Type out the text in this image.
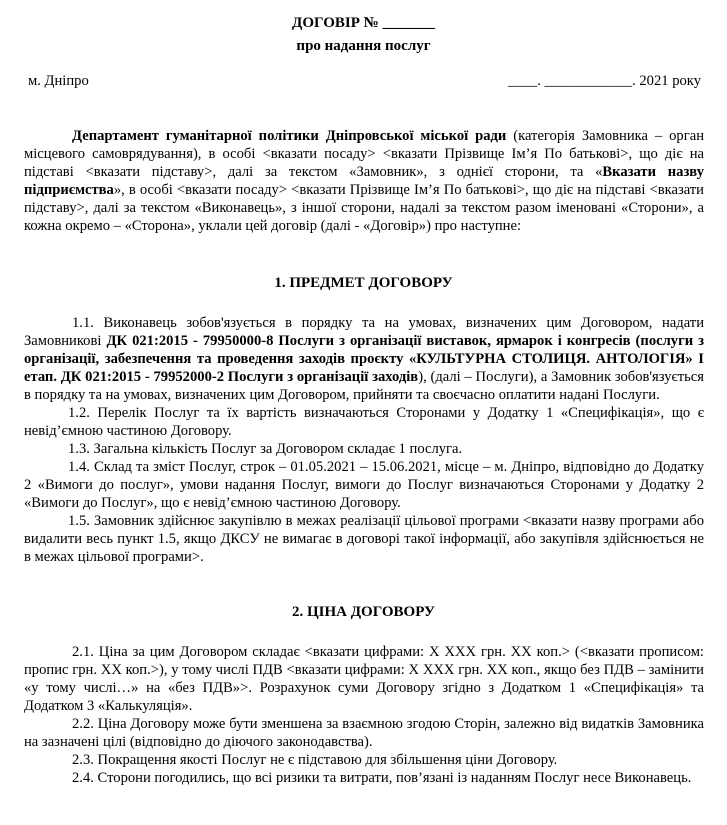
ДОГОВІР № _______
про надання послуг
м. Дніпро	____. ____________. 2021 року

Департамент гуманітарної політики Дніпровської міської ради (категорія Замовника – орган місцевого самоврядування), в особі <вказати посаду> <вказати Прізвище Ім’я По батькові>, що діє на підставі <вказати підставу>, далі за текстом «Замовник», з однієї сторони, та «Вказати назву підприємства», в особі <вказати посаду> <вказати Прізвище Ім’я По батькові>, що діє на підставі <вказати підставу>, далі за текстом «Виконавець», з іншої сторони, надалі за текстом разом іменовані «Сторони», а кожна окремо – «Сторона», уклали цей договір (далі - «Договір») про наступне:

1. ПРЕДМЕТ ДОГОВОРУ

1.1. Виконавець зобов'язується в порядку та на умовах, визначених цим Договором, надати Замовникові ДК 021:2015 - 79950000-8 Послуги з організації виставок, ярмарок і конгресів (послуги з організації, забезпечення та проведення заходів проєкту «КУЛЬТУРНА СТОЛИЦЯ. АНТОЛОГІЯ» І етап. ДК 021:2015 - 79952000-2 Послуги з організації заходів), (далі – Послуги), а Замовник зобов'язується в порядку та на умовах, визначених цим Договором, прийняти та своєчасно оплатити надані Послуги.

1.2. Перелік Послуг та їх вартість визначаються Сторонами у Додатку 1 «Специфікація», що є невід’ємною частиною Договору.

1.3. Загальна кількість Послуг за Договором складає 1 послуга.

1.4. Склад та зміст Послуг, строк – 01.05.2021 – 15.06.2021, місце – м. Дніпро, відповідно до Додатку 2 «Вимоги до послуг», умови надання Послуг, вимоги до Послуг визначаються Сторонами у Додатку 2 «Вимоги до Послуг», що є невід’ємною частиною Договору.

1.5. Замовник здійснює закупівлю в межах реалізації цільової програми <вказати назву програми або видалити весь пункт 1.5, якщо ДКСУ не вимагає в договорі такої інформації, або закупівля здійснюється не в межах цільової програми>.

2. ЦІНА ДОГОВОРУ

2.1. Ціна за цим Договором складає <вказати цифрами: Х ХХХ грн. ХХ коп.> (<вказати прописом: пропис грн. ХХ коп.>), у тому числі ПДВ <вказати цифрами: Х ХХХ грн. ХХ коп., якщо без ПДВ – замінити «у тому числі…» на «без ПДВ»>. Розрахунок суми Договору згідно з Додатком 1 «Специфікація» та Додатком 3 «Калькуляція».

2.2. Ціна Договору може бути зменшена за взаємною згодою Сторін, залежно від видатків Замовника на зазначені цілі (відповідно до діючого законодавства).

2.3. Покращення якості Послуг не є підставою для збільшення ціни Договору.

2.4. Сторони погодились, що всі ризики та витрати, пов’язані із наданням Послуг несе Виконавець.
